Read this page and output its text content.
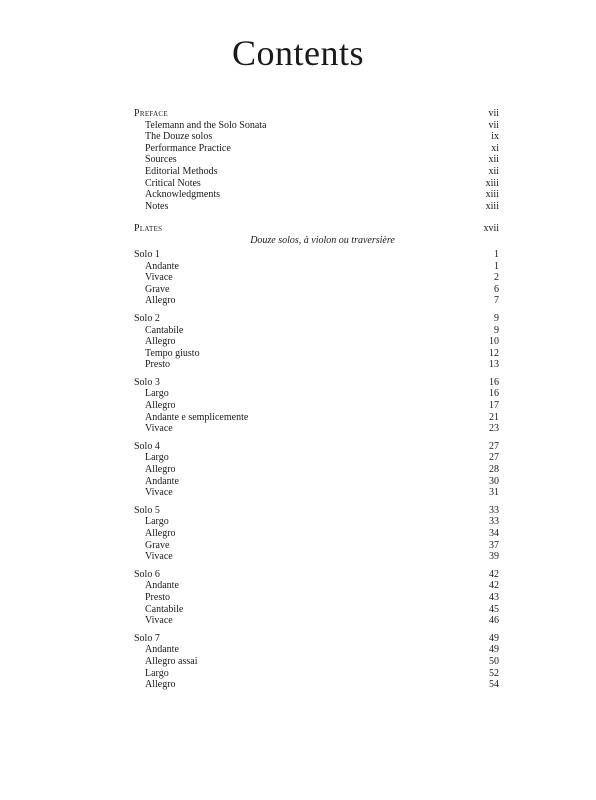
Contents
Preface	vii
Telemann and the Solo Sonata	vii
The Douze solos	ix
Performance Practice	xi
Sources	xii
Editorial Methods	xii
Critical Notes	xiii
Acknowledgments	xiii
Notes	xiii
Plates	xvii
Douze solos, à violon ou traversière
Solo 1	1
Andante	1
Vivace	2
Grave	6
Allegro	7
Solo 2	9
Cantabile	9
Allegro	10
Tempo giusto	12
Presto	13
Solo 3	16
Largo	16
Allegro	17
Andante e semplicemente	21
Vivace	23
Solo 4	27
Largo	27
Allegro	28
Andante	30
Vivace	31
Solo 5	33
Largo	33
Allegro	34
Grave	37
Vivace	39
Solo 6	42
Andante	42
Presto	43
Cantabile	45
Vivace	46
Solo 7	49
Andante	49
Allegro assai	50
Largo	52
Allegro	54
